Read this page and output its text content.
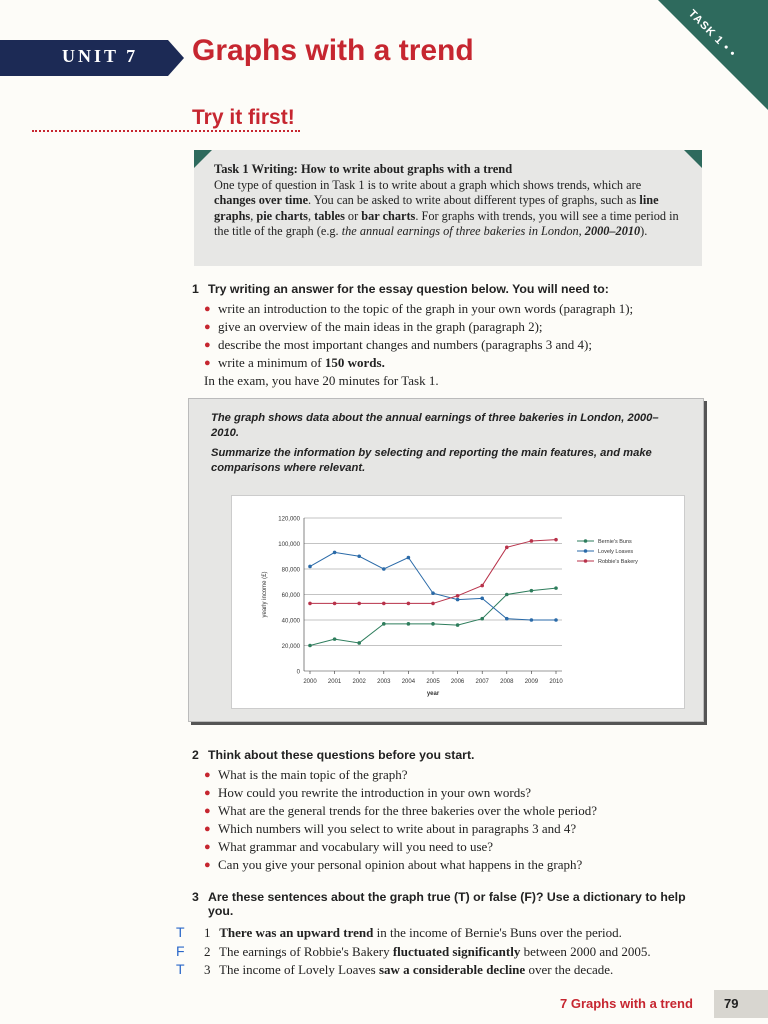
UNIT 7	Graphs with a trend	TASK 1 • •
Try it first!
Task 1 Writing: How to write about graphs with a trend
One type of question in Task 1 is to write about a graph which shows trends, which are changes over time. You can be asked to write about different types of graphs, such as line graphs, pie charts, tables or bar charts. For graphs with trends, you will see a time period in the title of the graph (e.g. the annual earnings of three bakeries in London, 2000–2010).
1 Try writing an answer for the essay question below. You will need to:
● write an introduction to the topic of the graph in your own words (paragraph 1);
● give an overview of the main ideas in the graph (paragraph 2);
● describe the most important changes and numbers (paragraphs 3 and 4);
● write a minimum of 150 words.

In the exam, you have 20 minutes for Task 1.

The graph shows data about the annual earnings of three bakeries in London, 2000–2010.

Summarize the information by selecting and reporting the main features, and make comparisons where relevant.

0
20,000
40,000
60,000
80,000
100,000
120,000
2000 2001 2002 2003 2004 2005 2006 2007 2008 2009 2010
year
yearly income (£)
Bernie's Buns
Lovely Loaves
Robbie's Bakery
2 Think about these questions before you start.
● What is the main topic of the graph?
● How could you rewrite the introduction in your own words?
● What are the general trends for the three bakeries over the whole period?
● Which numbers will you select to write about in paragraphs 3 and 4?
● What grammar and vocabulary will you need to use?
● Can you give your personal opinion about what happens in the graph?
3 Are these sentences about the graph true (T) or false (F)? Use a dictionary to help you.
T 1 There was an upward trend in the income of Bernie's Buns over the period.
F 2 The earnings of Robbie's Bakery fluctuated significantly between 2000 and 2005.
T 3 The income of Lovely Loaves saw a considerable decline over the decade.
7 Graphs with a trend 79
